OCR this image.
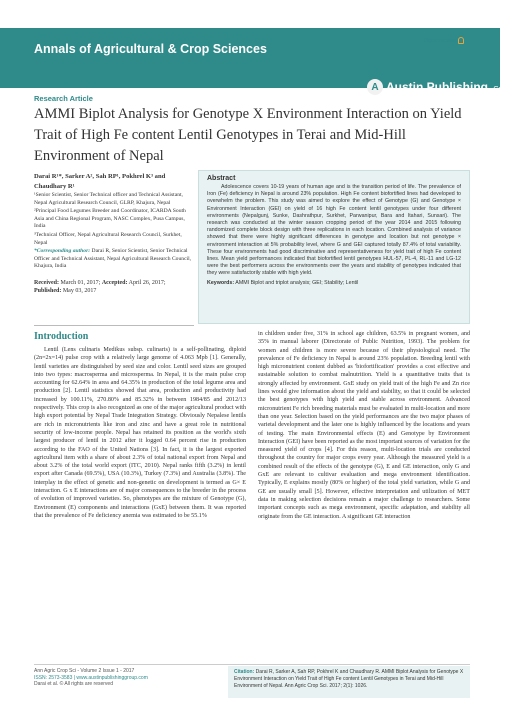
Annals of Agricultural & Crop Sciences
A Austin Publishing Group
Open Access
Research Article
AMMI Biplot Analysis for Genotype X Environment Interaction on Yield Trait of High Fe content Lentil Genotypes in Terai and Mid-Hill Environment of Nepal
Darai R¹*, Sarker A², Sah RP¹, Pokhrel K³ and
Chaudhary R¹
¹Senior Scientist, Senior Technical officer and Technical Assistant, Nepal Agricultural Research Council, GLRP, Khajura, Nepal
²Principal Food Legumes Breeder and Coordinator, ICARDA South Asia and China Regional Program, NASC Complex, Pusa Campus, India
³Technical Officer, Nepal Agricultural Research Council, Surkhet, Nepal
*Corresponding author: Darai R, Senior Scientist, Senior Technical Officer and Technical Assistant, Nepal Agricultural Research Council, Khajura, India
Received: March 01, 2017; Accepted: April 26, 2017; Published: May 03, 2017
Abstract

Adolescence covers 10-19 years of human age and is the transition period of life. The prevalence of Iron (Fe) deficiency in Nepal is around 23% population. High Fe content biofortified lines had developed to overwhelm the problem. This study was aimed to explore the effect of Genotype (G) and Genotype × Environment Interaction (GEI) on yield of 16 high Fe content lentil genotypes under four different environments (Nepalgunj, Sunke, Dashrathpur, Surkhet, Parwanipur, Bara and Itahari, Sunsari). The research was conducted at the winter season cropping period of the year 2014 and 2015 following randomized complete block design with three replications in each location. Combined analysis of variance showed that there were highly significant differences in genotype and location but not genotype × environment interaction at 5% probability level, where G and GEI captured totally 87.4% of total variability. These four environments had good discriminative and representativeness for yield trait of high Fe content lines. Mean yield performances indicated that biofortified lentil genotypes HUL-57, PL-4, RL-11 and LG-12 were the best performers across the environments over the years and stability of genotypes indicated that they were satisfactorily stable with high yield.

Keywords: AMMI Biplot and triplot analysis; GEI; Stability; Lentil
Introduction

Lentil (Lens culinaris Medikus subsp. culinaris) is a self-pollinating, diploid (2n=2x=14) pulse crop with a relatively large genome of 4.063 Mpb [1]. Generally, lentil varieties are distinguished by seed size and color. Lentil seed sizes are grouped into two types: macrosperma and microsperma. In Nepal, it is the main pulse crop accounting for 62.64% in area and 64.35% in production of the total legume area and production [2]. Lentil statistics showed that area, production and productivity had increased by 100.11%, 270.80% and 85.32% in between 1984/85 and 2012/13 respectively. This crop is also recognized as one of the major agricultural product with high export potential by Nepal Trade Integration Strategy. Obviously Nepalese lentils are rich in micronutrients like iron and zinc and have a great role in nutritional security of low-income people. Nepal has retained its position as the world's sixth largest producer of lentil in 2012 after it logged 0.64 percent rise in production according to the FAO of the United Nations [3]. In fact, it is the largest exported agricultural item with a share of about 2.3% of total national export from Nepal and about 3.2% of the total world export (ITC, 2010). Nepal ranks fifth (3.2%) in lentil export after Canada (69.5%), USA (10.3%), Turkey (7.3%) and Australia (3.8%). The interplay in the effect of genetic and non-genetic on development is termed as G× E interaction. G x E interactions are of major consequences to the breeder in the process of evolution of improved varieties. So, phenotypes are the mixture of Genotype (G), Environment (E) components and interactions (GxE) between them. It was reported that the prevalence of Fe deficiency anemia was estimated to be 55.1%

in children under five, 31% in school age children, 63.5% in pregnant women, and 35% in manual laborer (Directorate of Public Nutrition, 1993). The problem for women and children is more severe because of their physiological need. The prevalence of Fe deficiency in Nepal is around 23% population. Breeding lentil with high micronutrient content dubbed as 'biofortification' provides a cost effective and sustainable solution to combat malnutrition. Yield is a quantitative traits that is strongly affected by environment. GxE study on yield trait of the high Fe and Zn rice lines would give information about the yield and stability, so that it could be selected the best genotypes with high yield and stable across environment. Advanced micronutrient Fe rich breeding materials must be evaluated in multi-location and more than one year. Selection based on the yield performances are the two major phases of varietal development and the later one is highly influenced by the locations and years of testing. The main Environmental effects (E) and Genotype by Environment Interaction (GEI) have been reported as the most important sources of variation for the measured yield of crops [4]. For this reason, multi-location trials are conducted throughout the country for major crops every year. Although the measured yield is a combined result of the effects of the genotype (G), E and GE interaction, only G and GxE are relevant to cultivar evaluation and mega environment identification. Typically, E explains mostly (80% or higher) of the total yield variation, while G and GE are usually small [5]. However, effective interpretation and utilization of MET data in making selection decisions remain a major challenge to researchers. Some important concepts such as mega environment, specific adaptation, and stability all originate from the GE interaction. A significant GE interaction

Ann Agric Crop Sci - Volume 2 Issue 1 - 2017
ISSN: 2573-3583 | www.austinpublishinggroup.com
Darai et al. © All rights are reserved
Citation: Darai R, Sarker A, Sah RP, Pokhrel K and Chaudhary R. AMMI Biplot Analysis for Genotype X Environment Interaction on Yield Trait of High Fe content Lentil Genotypes in Terai and Mid-Hill Environment of Nepal. Ann Agric Crop Sci. 2017; 2(1): 1026.
